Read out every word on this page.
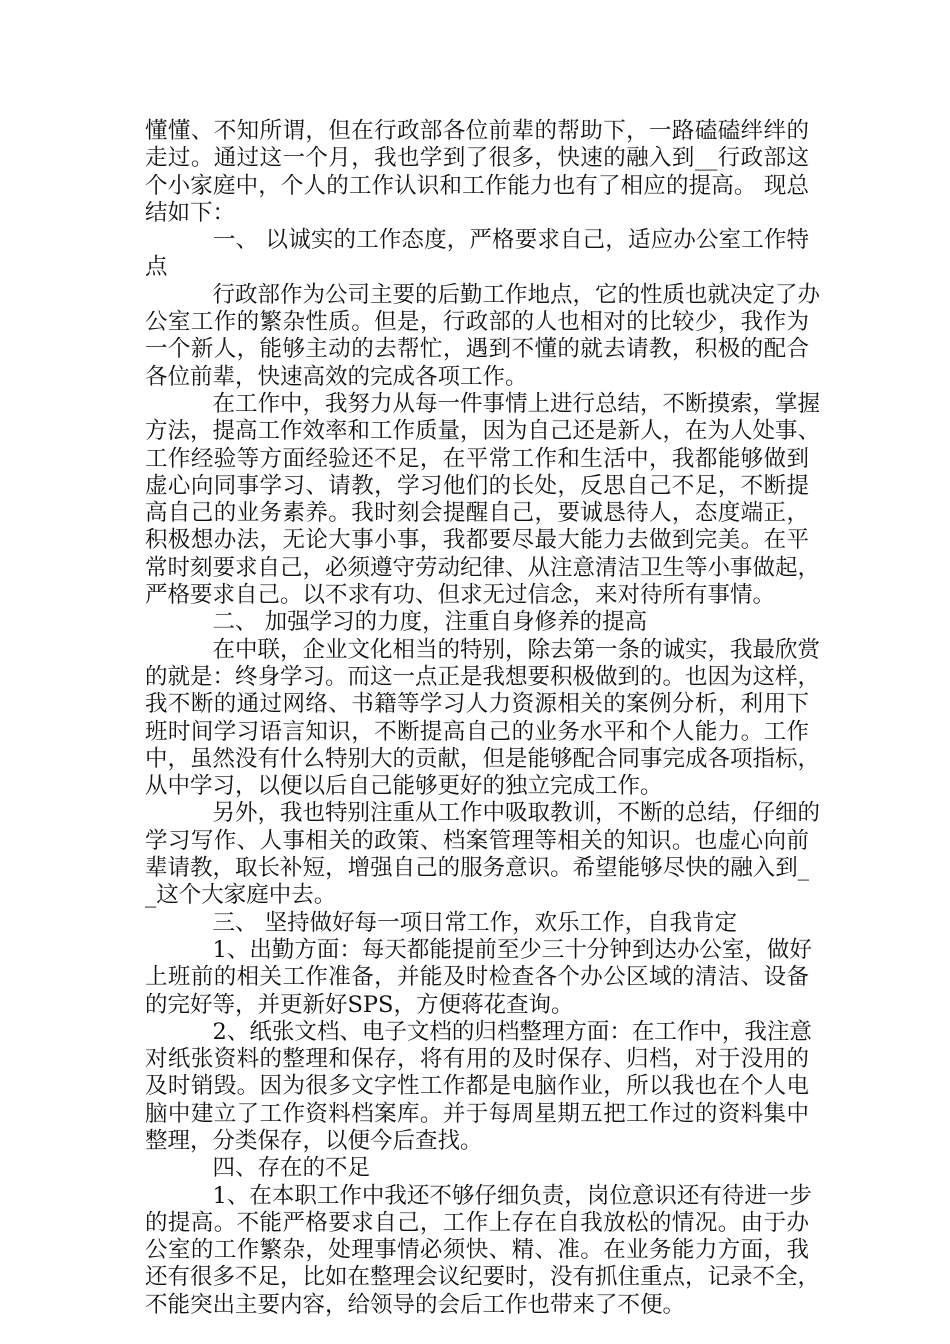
懂懂、不知所谓，但在行政部各位前辈的帮助下，一路磕磕绊绊的
走过。通过这一个月，我也学到了很多，快速的融入到__行政部这
个小家庭中，个人的工作认识和工作能力也有了相应的提高。 现总
结如下：
　　　一、 以诚实的工作态度，严格要求自己，适应办公室工作特
点
　　　行政部作为公司主要的后勤工作地点，它的性质也就决定了办
公室工作的繁杂性质。但是，行政部的人也相对的比较少，我作为
一个新人，能够主动的去帮忙，遇到不懂的就去请教，积极的配合
各位前辈，快速高效的完成各项工作。
　　　在工作中，我努力从每一件事情上进行总结，不断摸索，掌握
方法，提高工作效率和工作质量，因为自己还是新人，在为人处事、
工作经验等方面经验还不足，在平常工作和生活中，我都能够做到
虚心向同事学习、请教，学习他们的长处，反思自己不足，不断提
高自己的业务素养。我时刻会提醒自己，要诚恳待人，态度端正，
积极想办法，无论大事小事，我都要尽最大能力去做到完美。在平
常时刻要求自己，必须遵守劳动纪律、从注意清洁卫生等小事做起，
严格要求自己。以不求有功、但求无过信念，来对待所有事情。
　　　二、 加强学习的力度，注重自身修养的提高
　　　在中联，企业文化相当的特别，除去第一条的诚实，我最欣赏
的就是：终身学习。而这一点正是我想要积极做到的。也因为这样，
我不断的通过网络、书籍等学习人力资源相关的案例分析，利用下
班时间学习语言知识，不断提高自己的业务水平和个人能力。工作
中，虽然没有什么特别大的贡献，但是能够配合同事完成各项指标，
从中学习，以便以后自己能够更好的独立完成工作。
　　　另外，我也特别注重从工作中吸取教训，不断的总结，仔细的
学习写作、人事相关的政策、档案管理等相关的知识。也虚心向前
辈请教，取长补短，增强自己的服务意识。希望能够尽快的融入到_
_这个大家庭中去。
　　　三、 坚持做好每一项日常工作，欢乐工作，自我肯定
　　　1、出勤方面：每天都能提前至少三十分钟到达办公室，做好
上班前的相关工作准备，并能及时检查各个办公区域的清洁、设备
的完好等，并更新好SPS，方便蒋花查询。
　　　2、纸张文档、电子文档的归档整理方面：在工作中，我注意
对纸张资料的整理和保存，将有用的及时保存、归档，对于没用的
及时销毁。因为很多文字性工作都是电脑作业，所以我也在个人电
脑中建立了工作资料档案库。并于每周星期五把工作过的资料集中
整理，分类保存，以便今后查找。
　　　四、存在的不足
　　　1、在本职工作中我还不够仔细负责，岗位意识还有待进一步
的提高。不能严格要求自己，工作上存在自我放松的情况。由于办
公室的工作繁杂，处理事情必须快、精、准。在业务能力方面，我
还有很多不足，比如在整理会议纪要时，没有抓住重点，记录不全，
不能突出主要内容，给领导的会后工作也带来了不便。
